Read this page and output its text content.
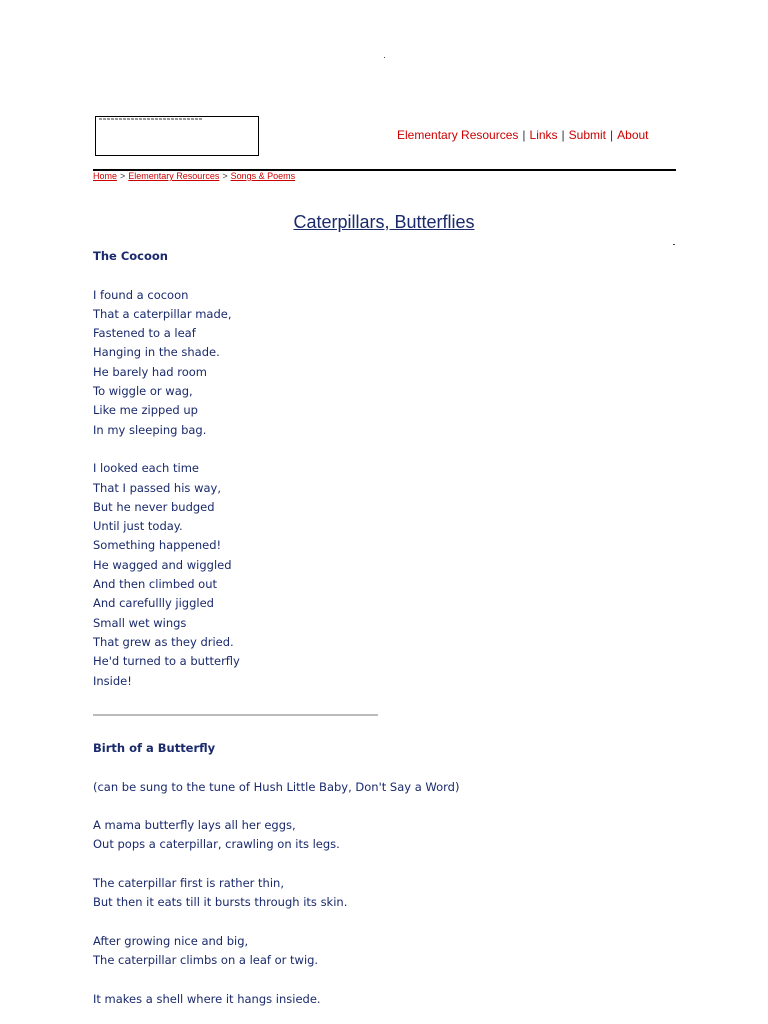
Elementary Resources | Links | Submit | About
Home > Elementary Resources > Songs & Poems
Caterpillars, Butterflies
The Cocoon
I found a cocoon
That a caterpillar made,
Fastened to a leaf
Hanging in the shade.
He barely had room
To wiggle or wag,
Like me zipped up
In my sleeping bag.
I looked each time
That I passed his way,
But he never budged
Until just today.
Something happened!
He wagged and wiggled
And then climbed out
And carefullly jiggled
Small wet wings
That grew as they dried.
He'd turned to a butterfly
Inside!
Birth of a Butterfly
(can be sung to the tune of Hush Little Baby, Don't Say a Word)
A mama butterfly lays all her eggs,
Out pops a caterpillar, crawling on its legs.
The caterpillar first is rather thin,
But then it eats till it bursts through its skin.
After growing nice and big,
The caterpillar climbs on a leaf or twig.
It makes a shell where it hangs insiede.
